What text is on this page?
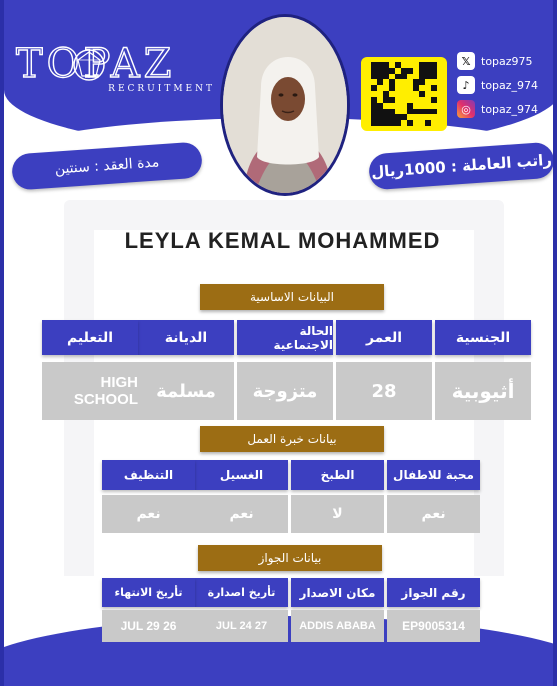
TOPAZ
RECRUITMENT
𝕏 topaz975
♪	topaz_974
◎ topaz_974
مدة العقد : سنتين	راتب العاملة : 1000ريال
LEYLA KEMAL MOHAMMED
البيانات الاساسية
الجنسية
العمر
الحالة الاجتماعية
الديانة
التعليم
أثيوبية
28
متزوجة
مسلمة
HIGH SCHOOL
بيانات خبرة العمل
محبة للاطفال
الطبخ
الغسيل
التنظيف
نعم
لا
نعم
نعم
بيانات الجواز
رقم الجواز
مكان الاصدار
تأريخ اصدارة
تأريخ الانتهاء
EP9005314
ADDIS ABABA
27 JUL 24
26 JUL 29
